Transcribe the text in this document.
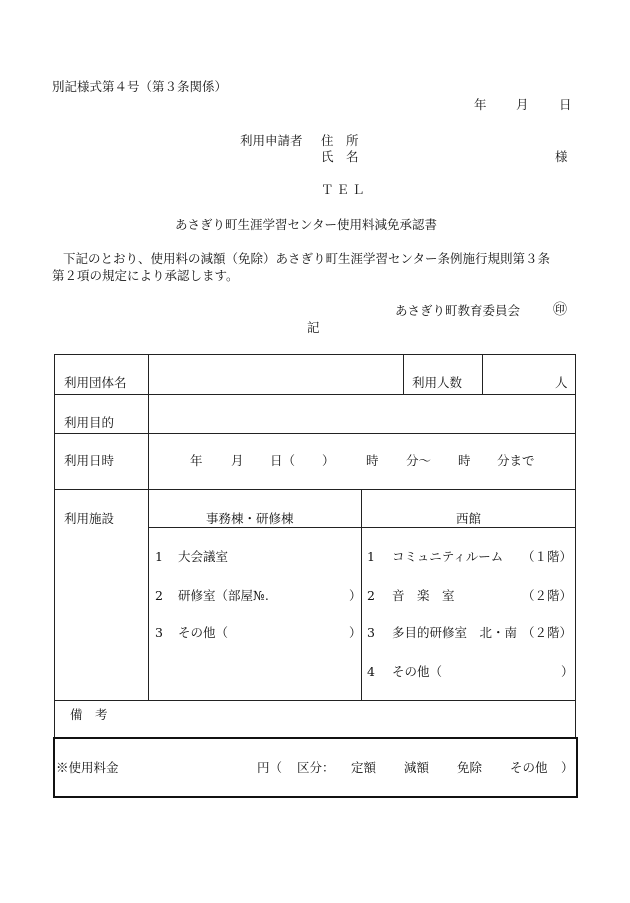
別記様式第４号（第３条関係）
年 月 日
利用申請者 住　所
氏　名	様
ＴＥＬ
あさぎり町生涯学習センター使用料減免承認書
下記のとおり、使用料の減額（免除）あさぎり町生涯学習センター条例施行規則第３条
第２項の規定により承認します。
あさぎり町教育委員会 ㊞
記
利用団体名	利用人数	人
利用目的
利用日時	年 月 日（ ）	時 分～ 時 分まで
利用施設	事務棟・研修棟	西館
1 大会議室
2 研修室（部屋№.	）
3 その他（	）
1 コミュニティルーム （１階）
2 音　楽　室	（２階）
3 多目的研修室　北・南 （２階）
4 その他（	）
備　考
※使用料金	円（ 区分： 定額 減額 免除 その他 ）
